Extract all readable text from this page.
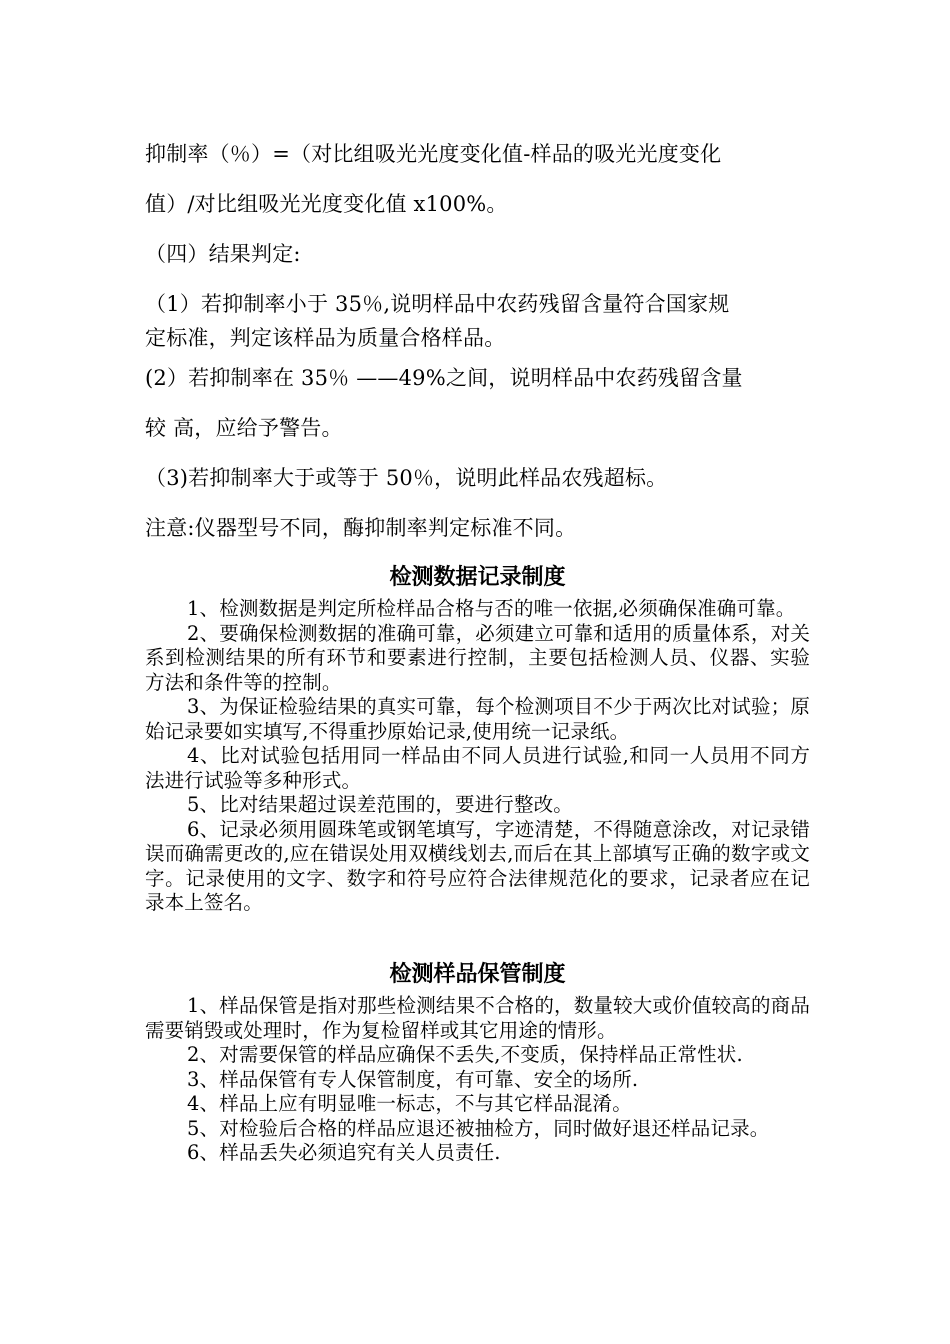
抑制率（％）=（对比组吸光光度变化值-样品的吸光光度变化
值）/对比组吸光光度变化值 x100%。
（四）结果判定:
（1）若抑制率小于 35％,说明样品中农药残留含量符合国家规
定标准，判定该样品为质量合格样品。
(2）若抑制率在 35％ ——49%之间，说明样品中农药残留含量
较 高，应给予警告。
（3)若抑制率大于或等于 50％，说明此样品农残超标。
注意:仪器型号不同，酶抑制率判定标准不同。
检测数据记录制度

1、检测数据是判定所检样品合格与否的唯一依据,必须确保准确可靠。

2、要确保检测数据的准确可靠，必须建立可靠和适用的质量体系，对关系到检测结果的所有环节和要素进行控制，主要包括检测人员、仪器、实验方法和条件等的控制。

3、为保证检验结果的真实可靠，每个检测项目不少于两次比对试验；原始记录要如实填写,不得重抄原始记录,使用统一记录纸。

4、比对试验包括用同一样品由不同人员进行试验,和同一人员用不同方法进行试验等多种形式。

5、比对结果超过误差范围的，要进行整改。

6、记录必须用圆珠笔或钢笔填写，字迹清楚，不得随意涂改，对记录错误而确需更改的,应在错误处用双横线划去,而后在其上部填写正确的数字或文字。记录使用的文字、数字和符号应符合法律规范化的要求，记录者应在记录本上签名。

检测样品保管制度

1、样品保管是指对那些检测结果不合格的，数量较大或价值较高的商品需要销毁或处理时，作为复检留样或其它用途的情形。

2、对需要保管的样品应确保不丢失,不变质，保持样品正常性状.

3、样品保管有专人保管制度，有可靠、安全的场所.

4、样品上应有明显唯一标志，不与其它样品混淆。

5、对检验后合格的样品应退还被抽检方，同时做好退还样品记录。

6、样品丢失必须追究有关人员责任.
